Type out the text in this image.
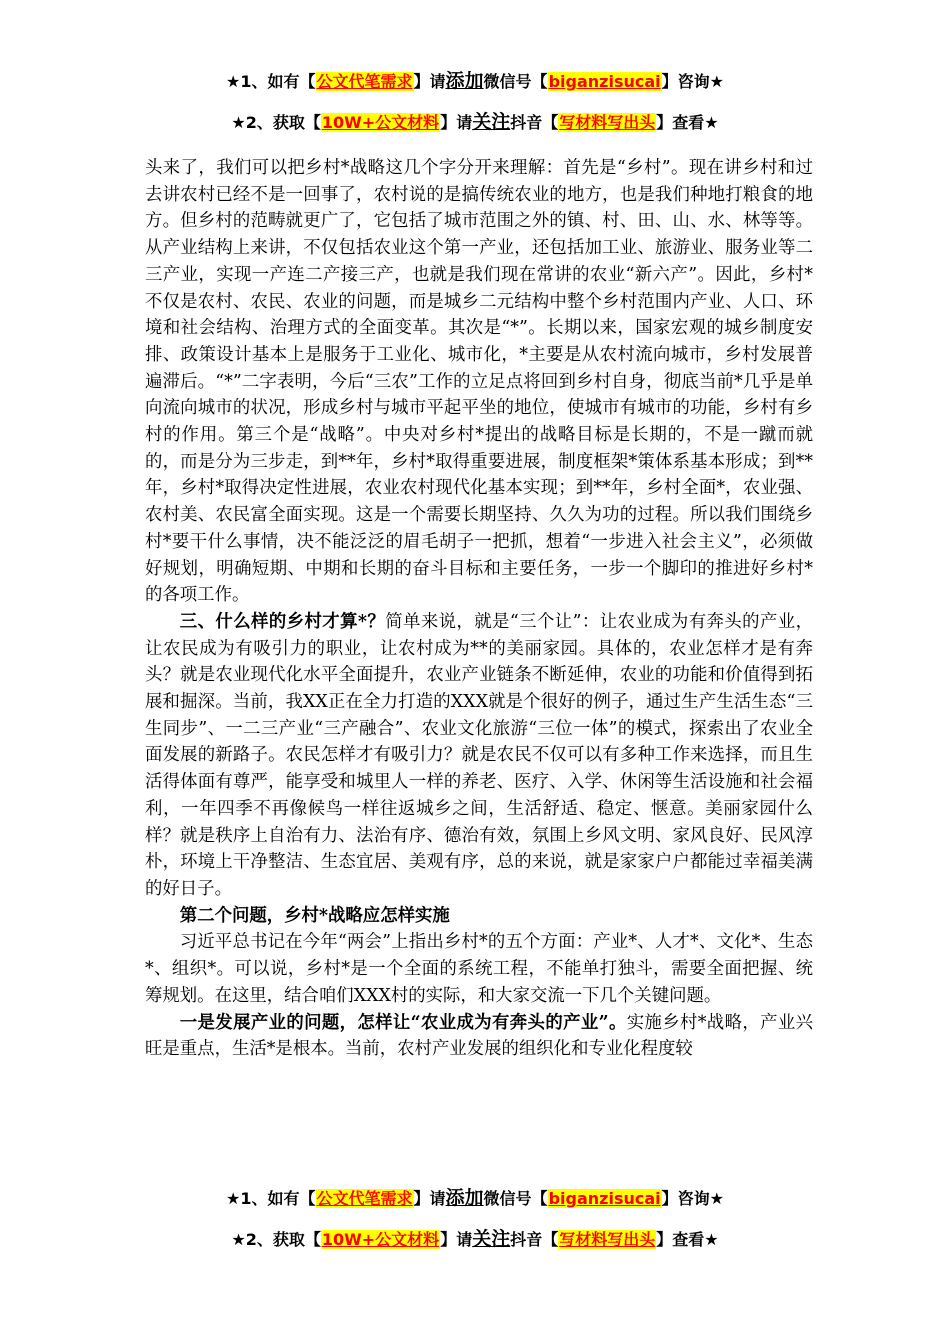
★1、如有【公文代笔需求】请添加微信号【biganzisucai】咨询★
★2、获取【10W+公文材料】请关注抖音【写材料写出头】查看★

头来了，我们可以把乡村*战略这几个字分开来理解：首先是“乡村”。现在讲乡村和过去讲农村已经不是一回事了，农村说的是搞传统农业的地方，也是我们种地打粮食的地方。但乡村的范畴就更广了，它包括了城市范围之外的镇、村、田、山、水、林等等。从产业结构上来讲，不仅包括农业这个第一产业，还包括加工业、旅游业、服务业等二三产业，实现一产连二产接三产，也就是我们现在常讲的农业“新六产”。因此，乡村*不仅是农村、农民、农业的问题，而是城乡二元结构中整个乡村范围内产业、人口、环境和社会结构、治理方式的全面变革。其次是“*”。长期以来，国家宏观的城乡制度安排、政策设计基本上是服务于工业化、城市化，*主要是从农村流向城市，乡村发展普遍滞后。“*”二字表明，今后“三农”工作的立足点将回到乡村自身，彻底当前*几乎是单向流向城市的状况，形成乡村与城市平起平坐的地位，使城市有城市的功能，乡村有乡村的作用。第三个是“战略”。中央对乡村*提出的战略目标是长期的，不是一蹴而就的，而是分为三步走，到**年，乡村*取得重要进展，制度框架*策体系基本形成；到**年，乡村*取得决定性进展，农业农村现代化基本实现；到**年，乡村全面*，农业强、农村美、农民富全面实现。这是一个需要长期坚持、久久为功的过程。所以我们围绕乡村*要干什么事情，决不能泛泛的眉毛胡子一把抓，想着“一步进入社会主义”，必须做好规划，明确短期、中期和长期的奋斗目标和主要任务，一步一个脚印的推进好乡村*的各项工作。

三、什么样的乡村才算*？简单来说，就是“三个让”：让农业成为有奔头的产业，让农民成为有吸引力的职业，让农村成为**的美丽家园。具体的，农业怎样才是有奔头？就是农业现代化水平全面提升，农业产业链条不断延伸，农业的功能和价值得到拓展和掘深。当前，我XX正在全力打造的XXX就是个很好的例子，通过生产生活生态“三生同步”、一二三产业“三产融合”、农业文化旅游“三位一体”的模式，探索出了农业全面发展的新路子。农民怎样才有吸引力？就是农民不仅可以有多种工作来选择，而且生活得体面有尊严，能享受和城里人一样的养老、医疗、入学、休闲等生活设施和社会福利，一年四季不再像候鸟一样往返城乡之间，生活舒适、稳定、惬意。美丽家园什么样？就是秩序上自治有力、法治有序、德治有效，氛围上乡风文明、家风良好、民风淳朴，环境上干净整洁、生态宜居、美观有序，总的来说，就是家家户户都能过幸福美满的好日子。

第二个问题，乡村*战略应怎样实施

习近平总书记在今年“两会”上指出乡村*的五个方面：产业*、人才*、文化*、生态*、组织*。可以说，乡村*是一个全面的系统工程，不能单打独斗，需要全面把握、统筹规划。在这里，结合咱们XXX村的实际，和大家交流一下几个关键问题。

一是发展产业的问题，怎样让“农业成为有奔头的产业”。实施乡村*战略，产业兴旺是重点，生活*是根本。当前，农村产业发展的组织化和专业化程度较

★1、如有【公文代笔需求】请添加微信号【biganzisucai】咨询★
★2、获取【10W+公文材料】请关注抖音【写材料写出头】查看★
